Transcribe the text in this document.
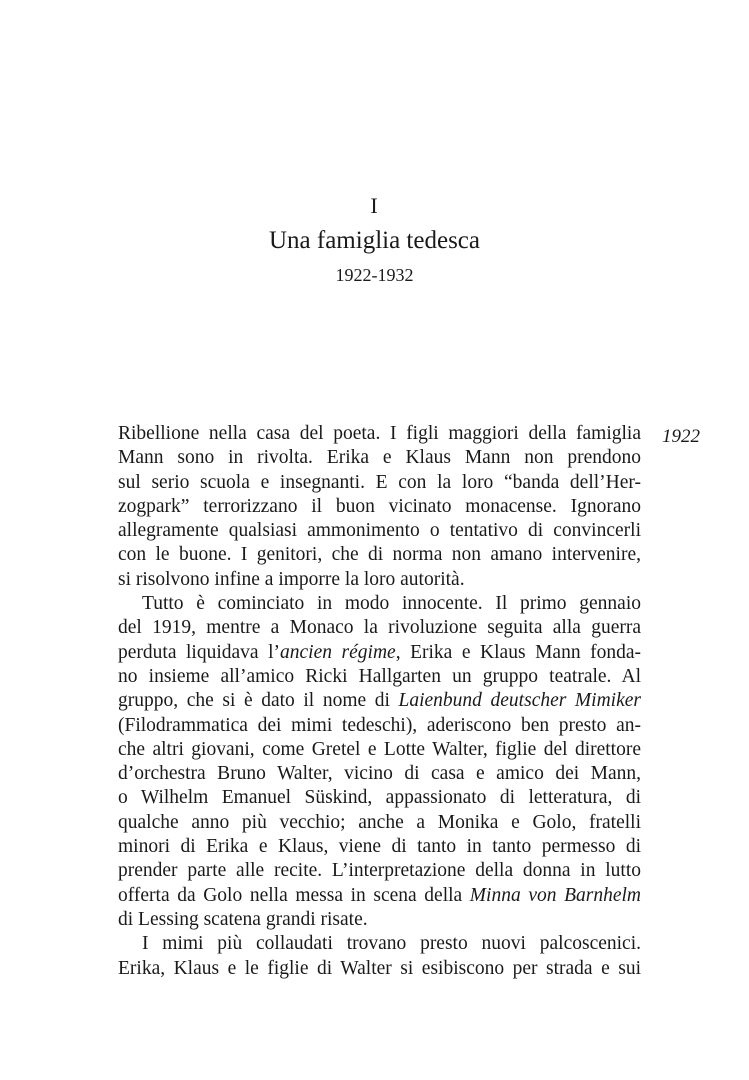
I
Una famiglia tedesca
1922-1932
1922
Ribellione nella casa del poeta. I figli maggiori della famiglia
Mann sono in rivolta. Erika e Klaus Mann non prendono
sul serio scuola e insegnanti. E con la loro “banda dell’Her-
zogpark” terrorizzano il buon vicinato monacense. Ignorano
allegramente qualsiasi ammonimento o tentativo di convincerli
con le buone. I genitori, che di norma non amano intervenire,
si risolvono infine a imporre la loro autorità.
Tutto è cominciato in modo innocente. Il primo gennaio
del 1919, mentre a Monaco la rivoluzione seguita alla guerra
perduta liquidava l’ancien régime, Erika e Klaus Mann fonda-
no insieme all’amico Ricki Hallgarten un gruppo teatrale. Al
gruppo, che si è dato il nome di Laienbund deutscher Mimiker
(Filodrammatica dei mimi tedeschi), aderiscono ben presto an-
che altri giovani, come Gretel e Lotte Walter, figlie del direttore
d’orchestra Bruno Walter, vicino di casa e amico dei Mann,
o Wilhelm Emanuel Süskind, appassionato di letteratura, di
qualche anno più vecchio; anche a Monika e Golo, fratelli
minori di Erika e Klaus, viene di tanto in tanto permesso di
prender parte alle recite. L’interpretazione della donna in lutto
offerta da Golo nella messa in scena della Minna von Barnhelm
di Lessing scatena grandi risate.
I mimi più collaudati trovano presto nuovi palcoscenici.
Erika, Klaus e le figlie di Walter si esibiscono per strada e sui
